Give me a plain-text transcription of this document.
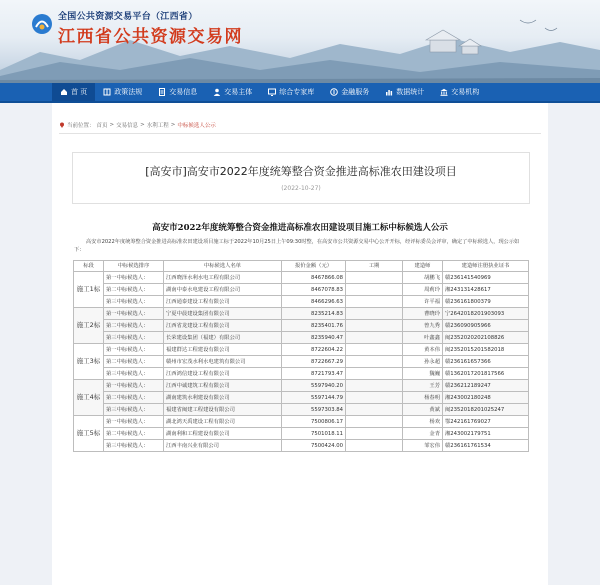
全国公共资源交易平台（江西省）
江西省公共资源交易网
首 页	政策法规	交易信息	交易主体	综合专家库	金融服务	数据统计	交易机构
当前位置： 首页 > 交易信息 > 水利工程 > 中标候选人公示
[高安市]高安市2022年度统筹整合资金推进高标准农田建设项目
(2022-10-27)
高安市2022年度统筹整合资金推进高标准农田建设项目施工标中标候选人公示
高安市2022年度统筹整合资金推进高标准农田建设项目施工标于2022年10月25日上午09:30时整，在高安市公共资源交易中心公开开标，经评标委员会评审，确定了中标候选人，现公示如下：
标段	中标候选排序	中标候选人名单	报价金额（元）	工期	建造师	建造师注册执业证书
施工1标	第一中标候选人：	江西晓泽水利水电工程有限公司	8467866.08		胡鹏飞	赣236141540969
	第二中标候选人：	湖南中泰水电建设工程有限公司	8467078.83		周莉玲	湘243131428617
	第三中标候选人：	江西通泰建设工程有限公司	8466296.63		许平福	赣236161800379
施工2标	第一中标候选人：	宁夏中晨建设集团有限公司	8235214.83		曹晓玲	宁2642018201903093
	第二中标候选人：	江西省龙建设工程有限公司	8235401.76		曾九秀	赣236090905966
	第三中标候选人：	长荣建设集团（福建）有限公司	8235940.47		叶鑫鑫	闽2352020202108826
施工3标	第一中标候选人：	福建群达工程建设有限公司	8722604.22		黄本伟	闽2352015201582018
	第二中标候选人：	赣州市宏茂水利水电建筑有限公司	8722667.29		孙永超	赣236161657366
	第三中标候选人：	江西鸿信建设工程有限公司	8721793.47		魏巍	赣1362017201817566
施工4标	第一中标候选人：	江西中诚建筑工程有限公司	5597940.20		王芳	赣236212189247
	第二中标候选人：	湖南建筑水利建设有限公司	5597144.79		杨春明	湘243002180248
	第三中标候选人：	福建省闽建工程建设有限公司	5597303.84		黄斌	闽2352018201025247
施工5标	第一中标候选人：	湖北鸿天禹建设工程有限公司	7500806.17		杨欢	鄂242161769027
	第二中标候选人：	湖南利和工程建设有限公司	7501018.11		金青	湘243002179751
	第三中标候选人：	江西丰南兴业有限公司	7500424.00		邹宏伟	赣236161761534
